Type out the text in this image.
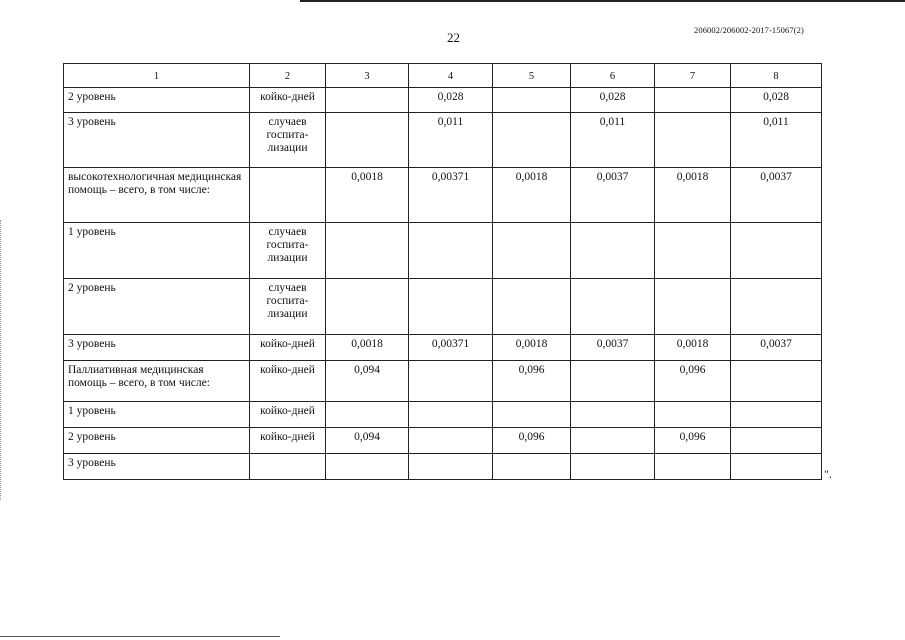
22	206002/206002-2017-15067(2)
1	2	3	4	5	6	7	8
2 уровень	койко-дней		0,028		0,028		0,028
3 уровень	случаев госпита-лизации		0,011		0,011		0,011
высокотехнологичная медицинская помощь – всего, в том числе:		0,0018	0,00371	0,0018	0,0037	0,0018	0,0037
1 уровень	случаев госпита-лизации						
2 уровень	случаев госпита-лизации						
3 уровень	койко-дней	0,0018	0,00371	0,0018	0,0037	0,0018	0,0037
Паллиативная медицинская помощь – всего, в том числе:	койко-дней	0,094		0,096		0,096	
1 уровень	койко-дней						
2 уровень	койко-дней	0,094		0,096		0,096	
3 уровень							
".
